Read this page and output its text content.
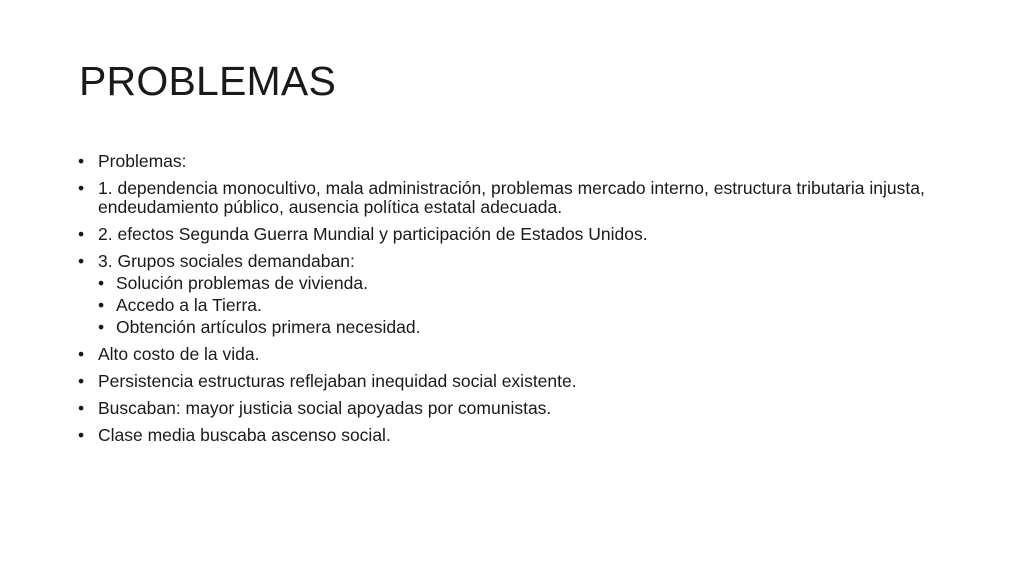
PROBLEMAS
• Problemas:
• 1. dependencia monocultivo, mala administración, problemas mercado interno, estructura tributaria injusta, endeudamiento público, ausencia política estatal adecuada.
• 2. efectos Segunda Guerra Mundial y participación de Estados Unidos.
• 3. Grupos sociales demandaban:
• Solución problemas de vivienda.
• Accedo a la Tierra.
• Obtención artículos primera necesidad.
• Alto costo de la vida.
• Persistencia estructuras reflejaban inequidad social existente.
• Buscaban: mayor justicia social apoyadas por comunistas.
• Clase media buscaba ascenso social.
